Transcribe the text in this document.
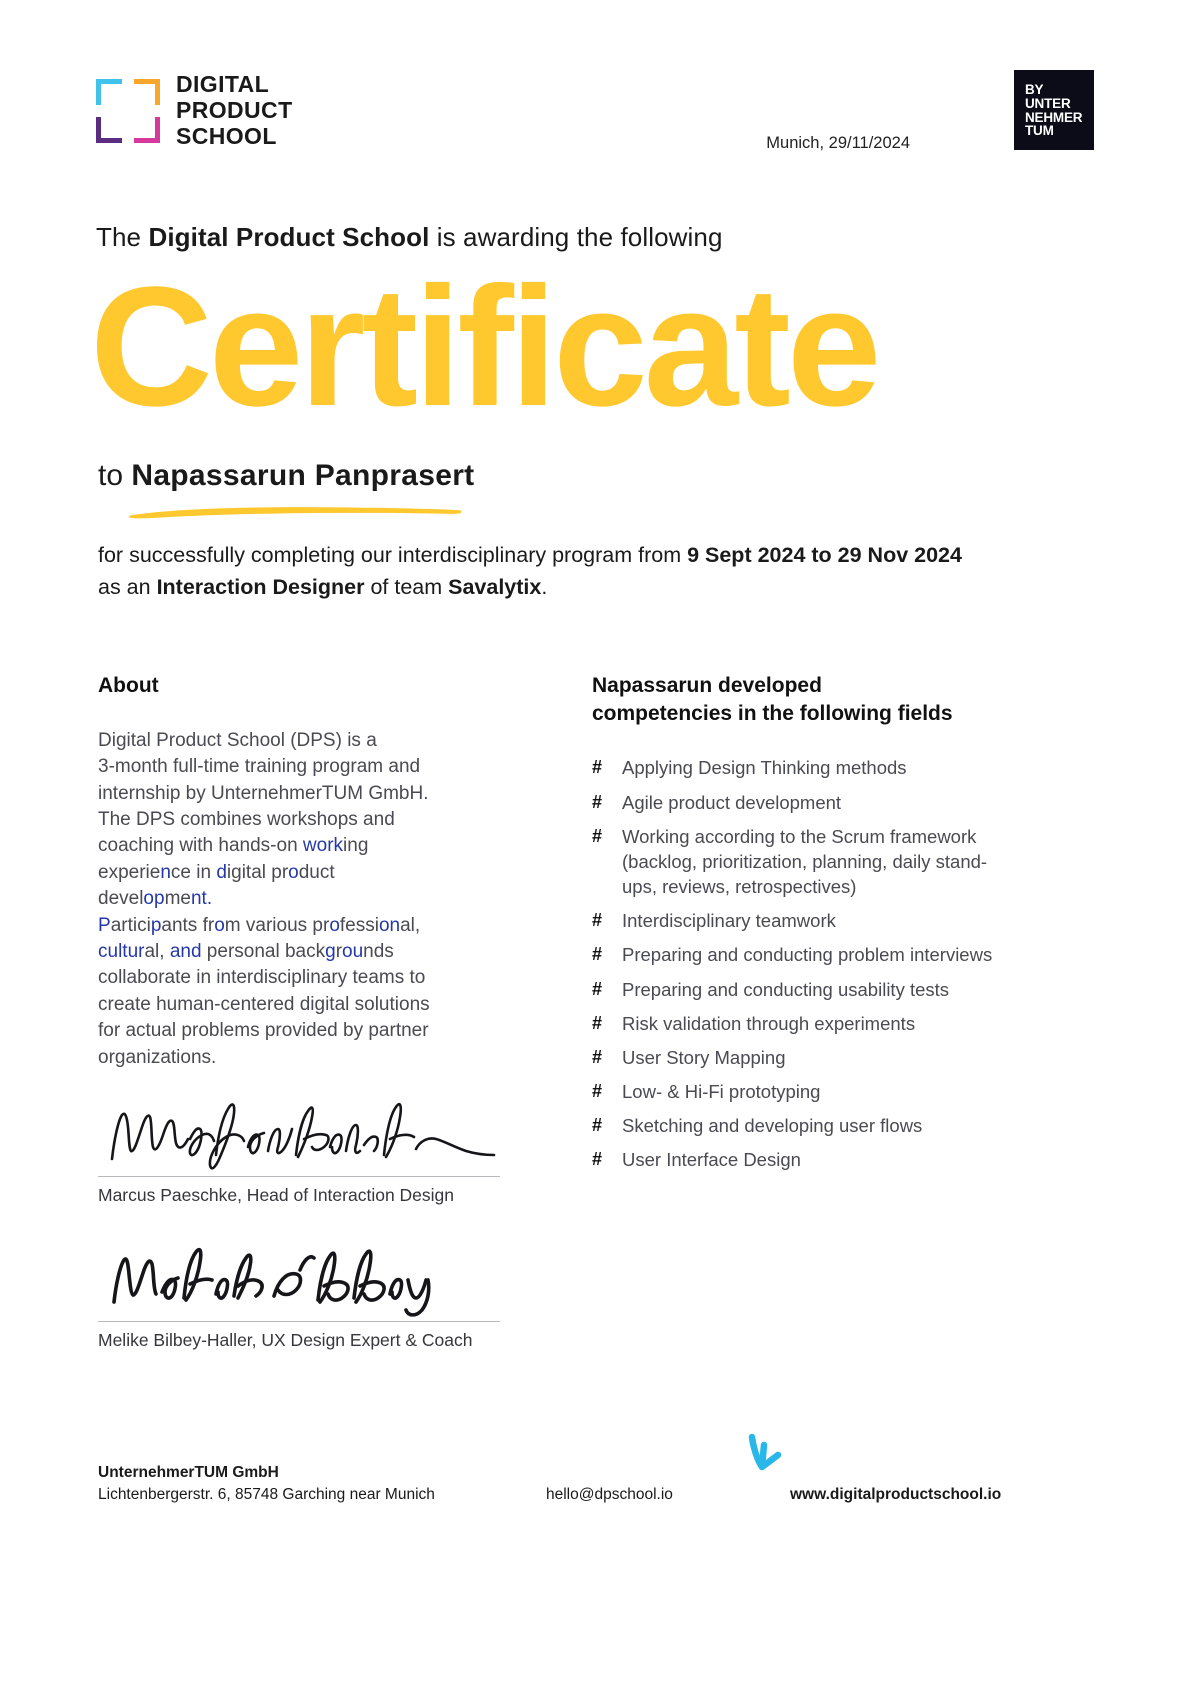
DIGITAL
PRODUCT
SCHOOL	Munich, 29/11/2024
BY
UNTER
NEHMER
TUM
The Digital Product School is awarding the following
Certificate
to Napassarun Panprasert
for successfully completing our interdisciplinary program from 9 Sept 2024 to 29 Nov 2024 as an Interaction Designer of team Savalytix.
About

Digital Product School (DPS) is a

3-month full-time training program and

internship by UnternehmerTUM GmbH.

The DPS combines workshops and

coaching with hands-on working

experience in digital product

development.

Participants from various professional,

cultural, and personal backgrounds

collaborate in interdisciplinary teams to

create human-centered digital solutions

for actual problems provided by partner

organizations.

Napassarun developed
competencies in the following fields
#	Applying Design Thinking methods
#	Agile product development
#	Working according to the Scrum framework (backlog, prioritization, planning, daily stand-ups, reviews, retrospectives)
#	Interdisciplinary teamwork
#	Preparing and conducting problem interviews
#	Preparing and conducting usability tests
#	Risk validation through experiments
#	User Story Mapping
#	Low- & Hi-Fi prototyping
#	Sketching and developing user flows
#	User Interface Design
Marcus Paeschke, Head of Interaction Design
Melike Bilbey-Haller, UX Design Expert & Coach
UnternehmerTUM GmbH
Lichtenbergerstr. 6, 85748 Garching near Munich	hello@dpschool.io	www.digitalproductschool.io
